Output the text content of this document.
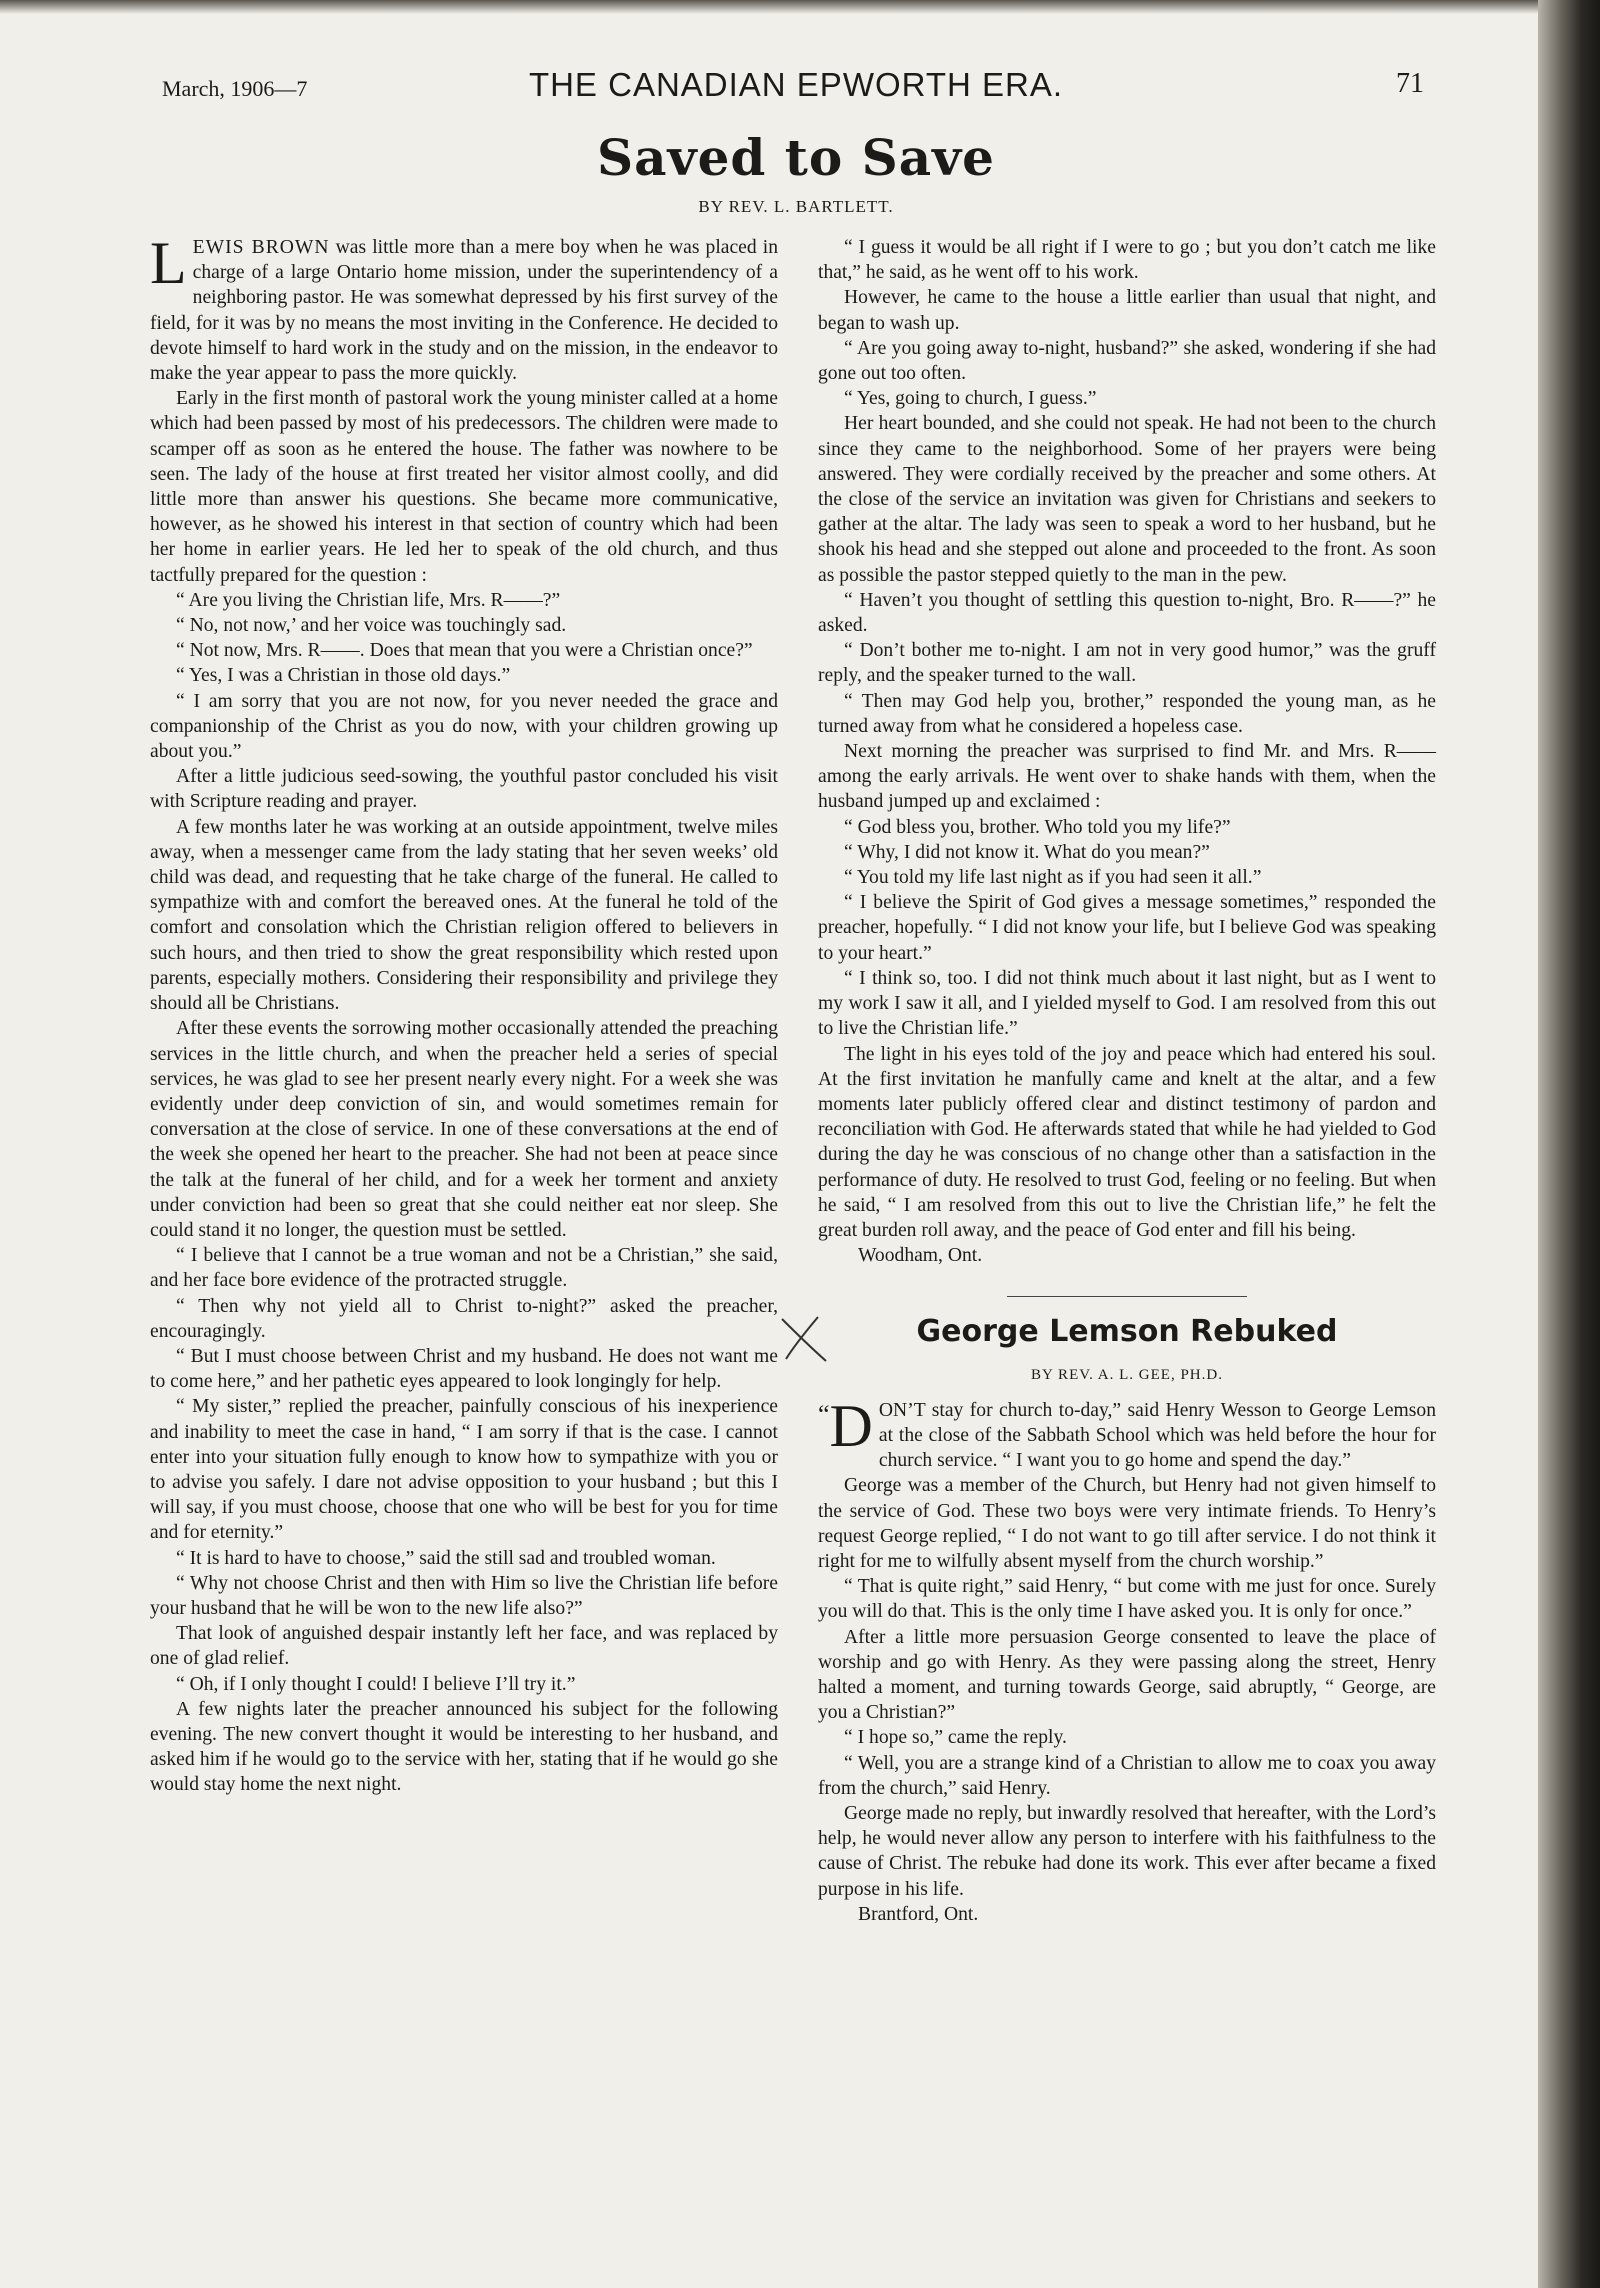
March, 1906—7	THE CANADIAN EPWORTH ERA.	71
Saved to Save
BY REV. L. BARTLETT.

LEWIS BROWN was little more than a mere boy when he was placed in charge of a large Ontario home mission, under the superintendency of a neighboring pastor. He was somewhat depressed by his first survey of the field, for it was by no means the most inviting in the Conference. He decided to devote himself to hard work in the study and on the mission, in the endeavor to make the year appear to pass the more quickly.

Early in the first month of pastoral work the young minister called at a home which had been passed by most of his predecessors. The children were made to scamper off as soon as he entered the house. The father was nowhere to be seen. The lady of the house at first treated her visitor almost coolly, and did little more than answer his questions. She became more communicative, however, as he showed his interest in that section of country which had been her home in earlier years. He led her to speak of the old church, and thus tactfully prepared for the question :

“ Are you living the Christian life, Mrs. R——?”

“ No, not now,’ and her voice was touchingly sad.

“ Not now, Mrs. R——. Does that mean that you were a Christian once?”

“ Yes, I was a Christian in those old days.”

“ I am sorry that you are not now, for you never needed the grace and companionship of the Christ as you do now, with your children growing up about you.”

After a little judicious seed-sowing, the youthful pastor concluded his visit with Scripture reading and prayer.

A few months later he was working at an outside appointment, twelve miles away, when a messenger came from the lady stating that her seven weeks’ old child was dead, and requesting that he take charge of the funeral. He called to sympathize with and comfort the bereaved ones. At the funeral he told of the comfort and consolation which the Christian religion offered to believers in such hours, and then tried to show the great responsibility which rested upon parents, especially mothers. Considering their responsibility and privilege they should all be Christians.

After these events the sorrowing mother occasionally attended the preaching services in the little church, and when the preacher held a series of special services, he was glad to see her present nearly every night. For a week she was evidently under deep conviction of sin, and would sometimes remain for conversation at the close of service. In one of these conversations at the end of the week she opened her heart to the preacher. She had not been at peace since the talk at the funeral of her child, and for a week her torment and anxiety under conviction had been so great that she could neither eat nor sleep. She could stand it no longer, the question must be settled.

“ I believe that I cannot be a true woman and not be a Christian,” she said, and her face bore evidence of the protracted struggle.

“ Then why not yield all to Christ to-night?” asked the preacher, encouragingly.

“ But I must choose between Christ and my husband. He does not want me to come here,” and her pathetic eyes appeared to look longingly for help.

“ My sister,” replied the preacher, painfully conscious of his inexperience and inability to meet the case in hand, “ I am sorry if that is the case. I cannot enter into your situation fully enough to know how to sympathize with you or to advise you safely. I dare not advise opposition to your husband ; but this I will say, if you must choose, choose that one who will be best for you for time and for eternity.”

“ It is hard to have to choose,” said the still sad and troubled woman.

“ Why not choose Christ and then with Him so live the Christian life before your husband that he will be won to the new life also?”

That look of anguished despair instantly left her face, and was replaced by one of glad relief.

“ Oh, if I only thought I could! I believe I’ll try it.”

A few nights later the preacher announced his subject for the following evening. The new convert thought it would be interesting to her husband, and asked him if he would go to the service with her, stating that if he would go she would stay home the next night.

“ I guess it would be all right if I were to go ; but you don’t catch me like that,” he said, as he went off to his work.

However, he came to the house a little earlier than usual that night, and began to wash up.

“ Are you going away to-night, husband?” she asked, wondering if she had gone out too often.

“ Yes, going to church, I guess.”

Her heart bounded, and she could not speak. He had not been to the church since they came to the neighborhood. Some of her prayers were being answered. They were cordially received by the preacher and some others. At the close of the service an invitation was given for Christians and seekers to gather at the altar. The lady was seen to speak a word to her husband, but he shook his head and she stepped out alone and proceeded to the front. As soon as possible the pastor stepped quietly to the man in the pew.

“ Haven’t you thought of settling this question to-night, Bro. R——?” he asked.

“ Don’t bother me to-night. I am not in very good humor,” was the gruff reply, and the speaker turned to the wall.

“ Then may God help you, brother,” responded the young man, as he turned away from what he considered a hopeless case.

Next morning the preacher was surprised to find Mr. and Mrs. R—— among the early arrivals. He went over to shake hands with them, when the husband jumped up and exclaimed :

“ God bless you, brother. Who told you my life?”

“ Why, I did not know it. What do you mean?”

“ You told my life last night as if you had seen it all.”

“ I believe the Spirit of God gives a message sometimes,” responded the preacher, hopefully. “ I did not know your life, but I believe God was speaking to your heart.”

“ I think so, too. I did not think much about it last night, but as I went to my work I saw it all, and I yielded myself to God. I am resolved from this out to live the Christian life.”

The light in his eyes told of the joy and peace which had entered his soul. At the first invitation he manfully came and knelt at the altar, and a few moments later publicly offered clear and distinct testimony of pardon and reconciliation with God. He afterwards stated that while he had yielded to God during the day he was conscious of no change other than a satisfaction in the performance of duty. He resolved to trust God, feeling or no feeling. But when he said, “ I am resolved from this out to live the Christian life,” he felt the great burden roll away, and the peace of God enter and fill his being.

Woodham, Ont.

George Lemson Rebuked
BY REV. A. L. GEE, PH.D.

“ D ON’T stay for church to-day,” said Henry Wesson to George Lemson at the close of the Sabbath School which was held before the hour for church service. “ I want you to go home and spend the day.”

George was a member of the Church, but Henry had not given himself to the service of God. These two boys were very intimate friends. To Henry’s request George replied, “ I do not want to go till after service. I do not think it right for me to wilfully absent myself from the church worship.”

“ That is quite right,” said Henry, “ but come with me just for once. Surely you will do that. This is the only time I have asked you. It is only for once.”

After a little more persuasion George consented to leave the place of worship and go with Henry. As they were passing along the street, Henry halted a moment, and turning towards George, said abruptly, “ George, are you a Christian?”

“ I hope so,” came the reply.

“ Well, you are a strange kind of a Christian to allow me to coax you away from the church,” said Henry.

George made no reply, but inwardly resolved that hereafter, with the Lord’s help, he would never allow any person to interfere with his faithfulness to the cause of Christ. The rebuke had done its work. This ever after became a fixed purpose in his life.

Brantford, Ont.
